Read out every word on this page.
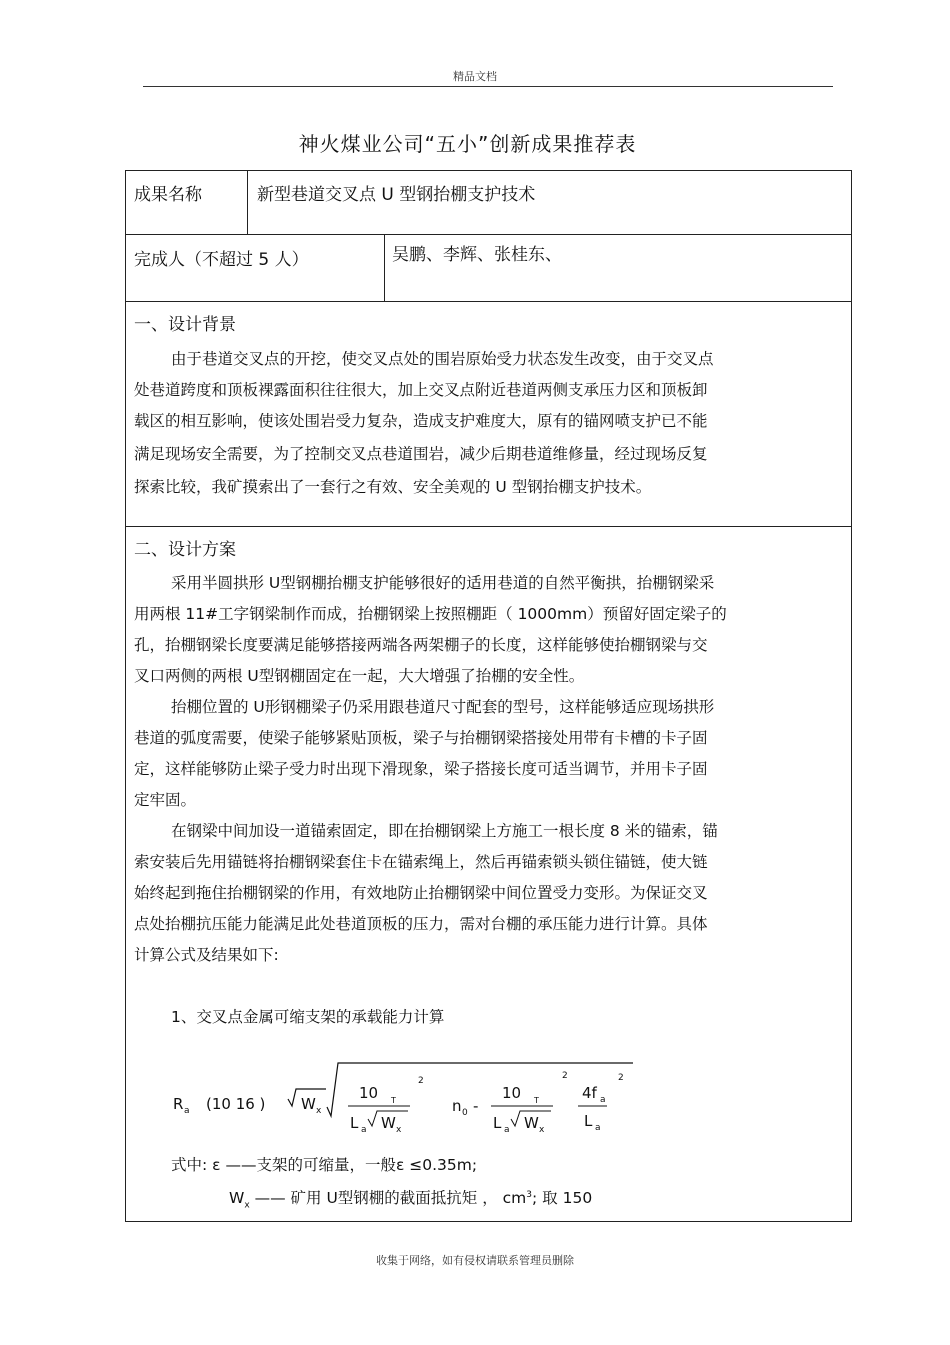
精品文档
神火煤业公司“五小”创新成果推荐表
成果名称	新型巷道交叉点 U 型钢抬棚支护技术
完成人（不超过 5 人）	吴鹏、李辉、张桂东、
一、设计背景
由于巷道交叉点的开挖，使交叉点处的围岩原始受力状态发生改变，由于交叉点
处巷道跨度和顶板裸露面积往往很大，加上交叉点附近巷道两侧支承压力区和顶板卸
载区的相互影响，使该处围岩受力复杂，造成支护难度大，原有的锚网喷支护已不能
满足现场安全需要，为了控制交叉点巷道围岩，减少后期巷道维修量，经过现场反复
探索比较，我矿摸索出了一套行之有效、安全美观的 U 型钢抬棚支护技术。
二、设计方案
采用半圆拱形 U型钢棚抬棚支护能够很好的适用巷道的自然平衡拱，抬棚钢梁采
用两根 11#工字钢梁制作而成，抬棚钢梁上按照棚距（ 1000mm）预留好固定梁子的
孔，抬棚钢梁长度要满足能够搭接两端各两架棚子的长度，这样能够使抬棚钢梁与交
叉口两侧的两根 U型钢棚固定在一起，大大增强了抬棚的安全性。
抬棚位置的 U形钢棚梁子仍采用跟巷道尺寸配套的型号，这样能够适应现场拱形
巷道的弧度需要，使梁子能够紧贴顶板，梁子与抬棚钢梁搭接处用带有卡槽的卡子固
定，这样能够防止梁子受力时出现下滑现象，梁子搭接长度可适当调节，并用卡子固
定牢固。
在钢梁中间加设一道锚索固定，即在抬棚钢梁上方施工一根长度 8 米的锚索，锚
索安装后先用锚链将抬棚钢梁套住卡在锚索绳上，然后再锚索锁头锁住锚链，使大链
始终起到拖住抬棚钢梁的作用，有效地防止抬棚钢梁中间位置受力变形。为保证交叉
点处抬棚抗压能力能满足此处巷道顶板的压力，需对台棚的承压能力进行计算。具体
计算公式及结果如下:
1、交叉点金属可缩支架的承载能力计算
R a (10 16 ) W x
10 T
L a W x
2
n 0 -
10 T
L a W x
2
4f a
L a
2
式中: ε ——支架的可缩量，一般ε ≤0.35m;
$W_x$ —— 矿用 U型钢棚的截面抵抗矩 ， $cm^3$; 取 150
收集于网络，如有侵权请联系管理员删除
